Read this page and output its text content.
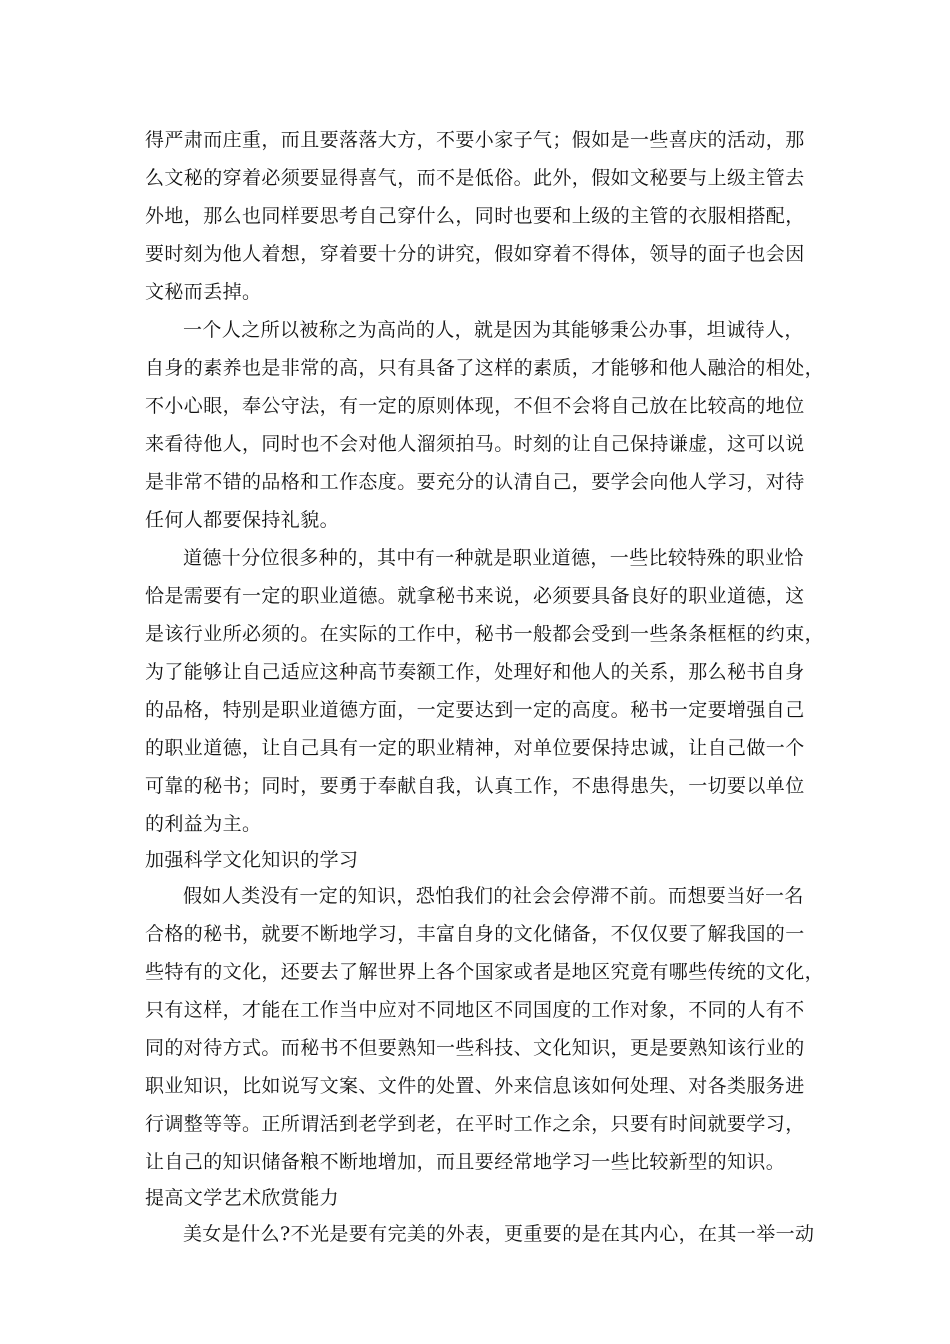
得严肃而庄重，而且要落落大方，不要小家子气；假如是一些喜庆的活动，那
么文秘的穿着必须要显得喜气，而不是低俗。此外，假如文秘要与上级主管去
外地，那么也同样要思考自己穿什么，同时也要和上级的主管的衣服相搭配，
要时刻为他人着想，穿着要十分的讲究，假如穿着不得体，领导的面子也会因
文秘而丢掉。
一个人之所以被称之为高尚的人，就是因为其能够秉公办事，坦诚待人，
自身的素养也是非常的高，只有具备了这样的素质，才能够和他人融洽的相处，
不小心眼，奉公守法，有一定的原则体现，不但不会将自己放在比较高的地位
来看待他人，同时也不会对他人溜须拍马。时刻的让自己保持谦虚，这可以说
是非常不错的品格和工作态度。要充分的认清自己，要学会向他人学习，对待
任何人都要保持礼貌。
道德十分位很多种的，其中有一种就是职业道德，一些比较特殊的职业恰
恰是需要有一定的职业道德。就拿秘书来说，必须要具备良好的职业道德，这
是该行业所必须的。在实际的工作中，秘书一般都会受到一些条条框框的约束，
为了能够让自己适应这种高节奏额工作，处理好和他人的关系，那么秘书自身
的品格，特别是职业道德方面，一定要达到一定的高度。秘书一定要增强自己
的职业道德，让自己具有一定的职业精神，对单位要保持忠诚，让自己做一个
可靠的秘书；同时，要勇于奉献自我，认真工作，不患得患失，一切要以单位
的利益为主。
加强科学文化知识的学习
假如人类没有一定的知识，恐怕我们的社会会停滞不前。而想要当好一名
合格的秘书，就要不断地学习，丰富自身的文化储备，不仅仅要了解我国的一
些特有的文化，还要去了解世界上各个国家或者是地区究竟有哪些传统的文化，
只有这样，才能在工作当中应对不同地区不同国度的工作对象，不同的人有不
同的对待方式。而秘书不但要熟知一些科技、文化知识，更是要熟知该行业的
职业知识，比如说写文案、文件的处置、外来信息该如何处理、对各类服务进
行调整等等。正所谓活到老学到老，在平时工作之余，只要有时间就要学习，
让自己的知识储备粮不断地增加，而且要经常地学习一些比较新型的知识。
提高文学艺术欣赏能力
美女是什么?不光是要有完美的外表，更重要的是在其内心，在其一举一动
